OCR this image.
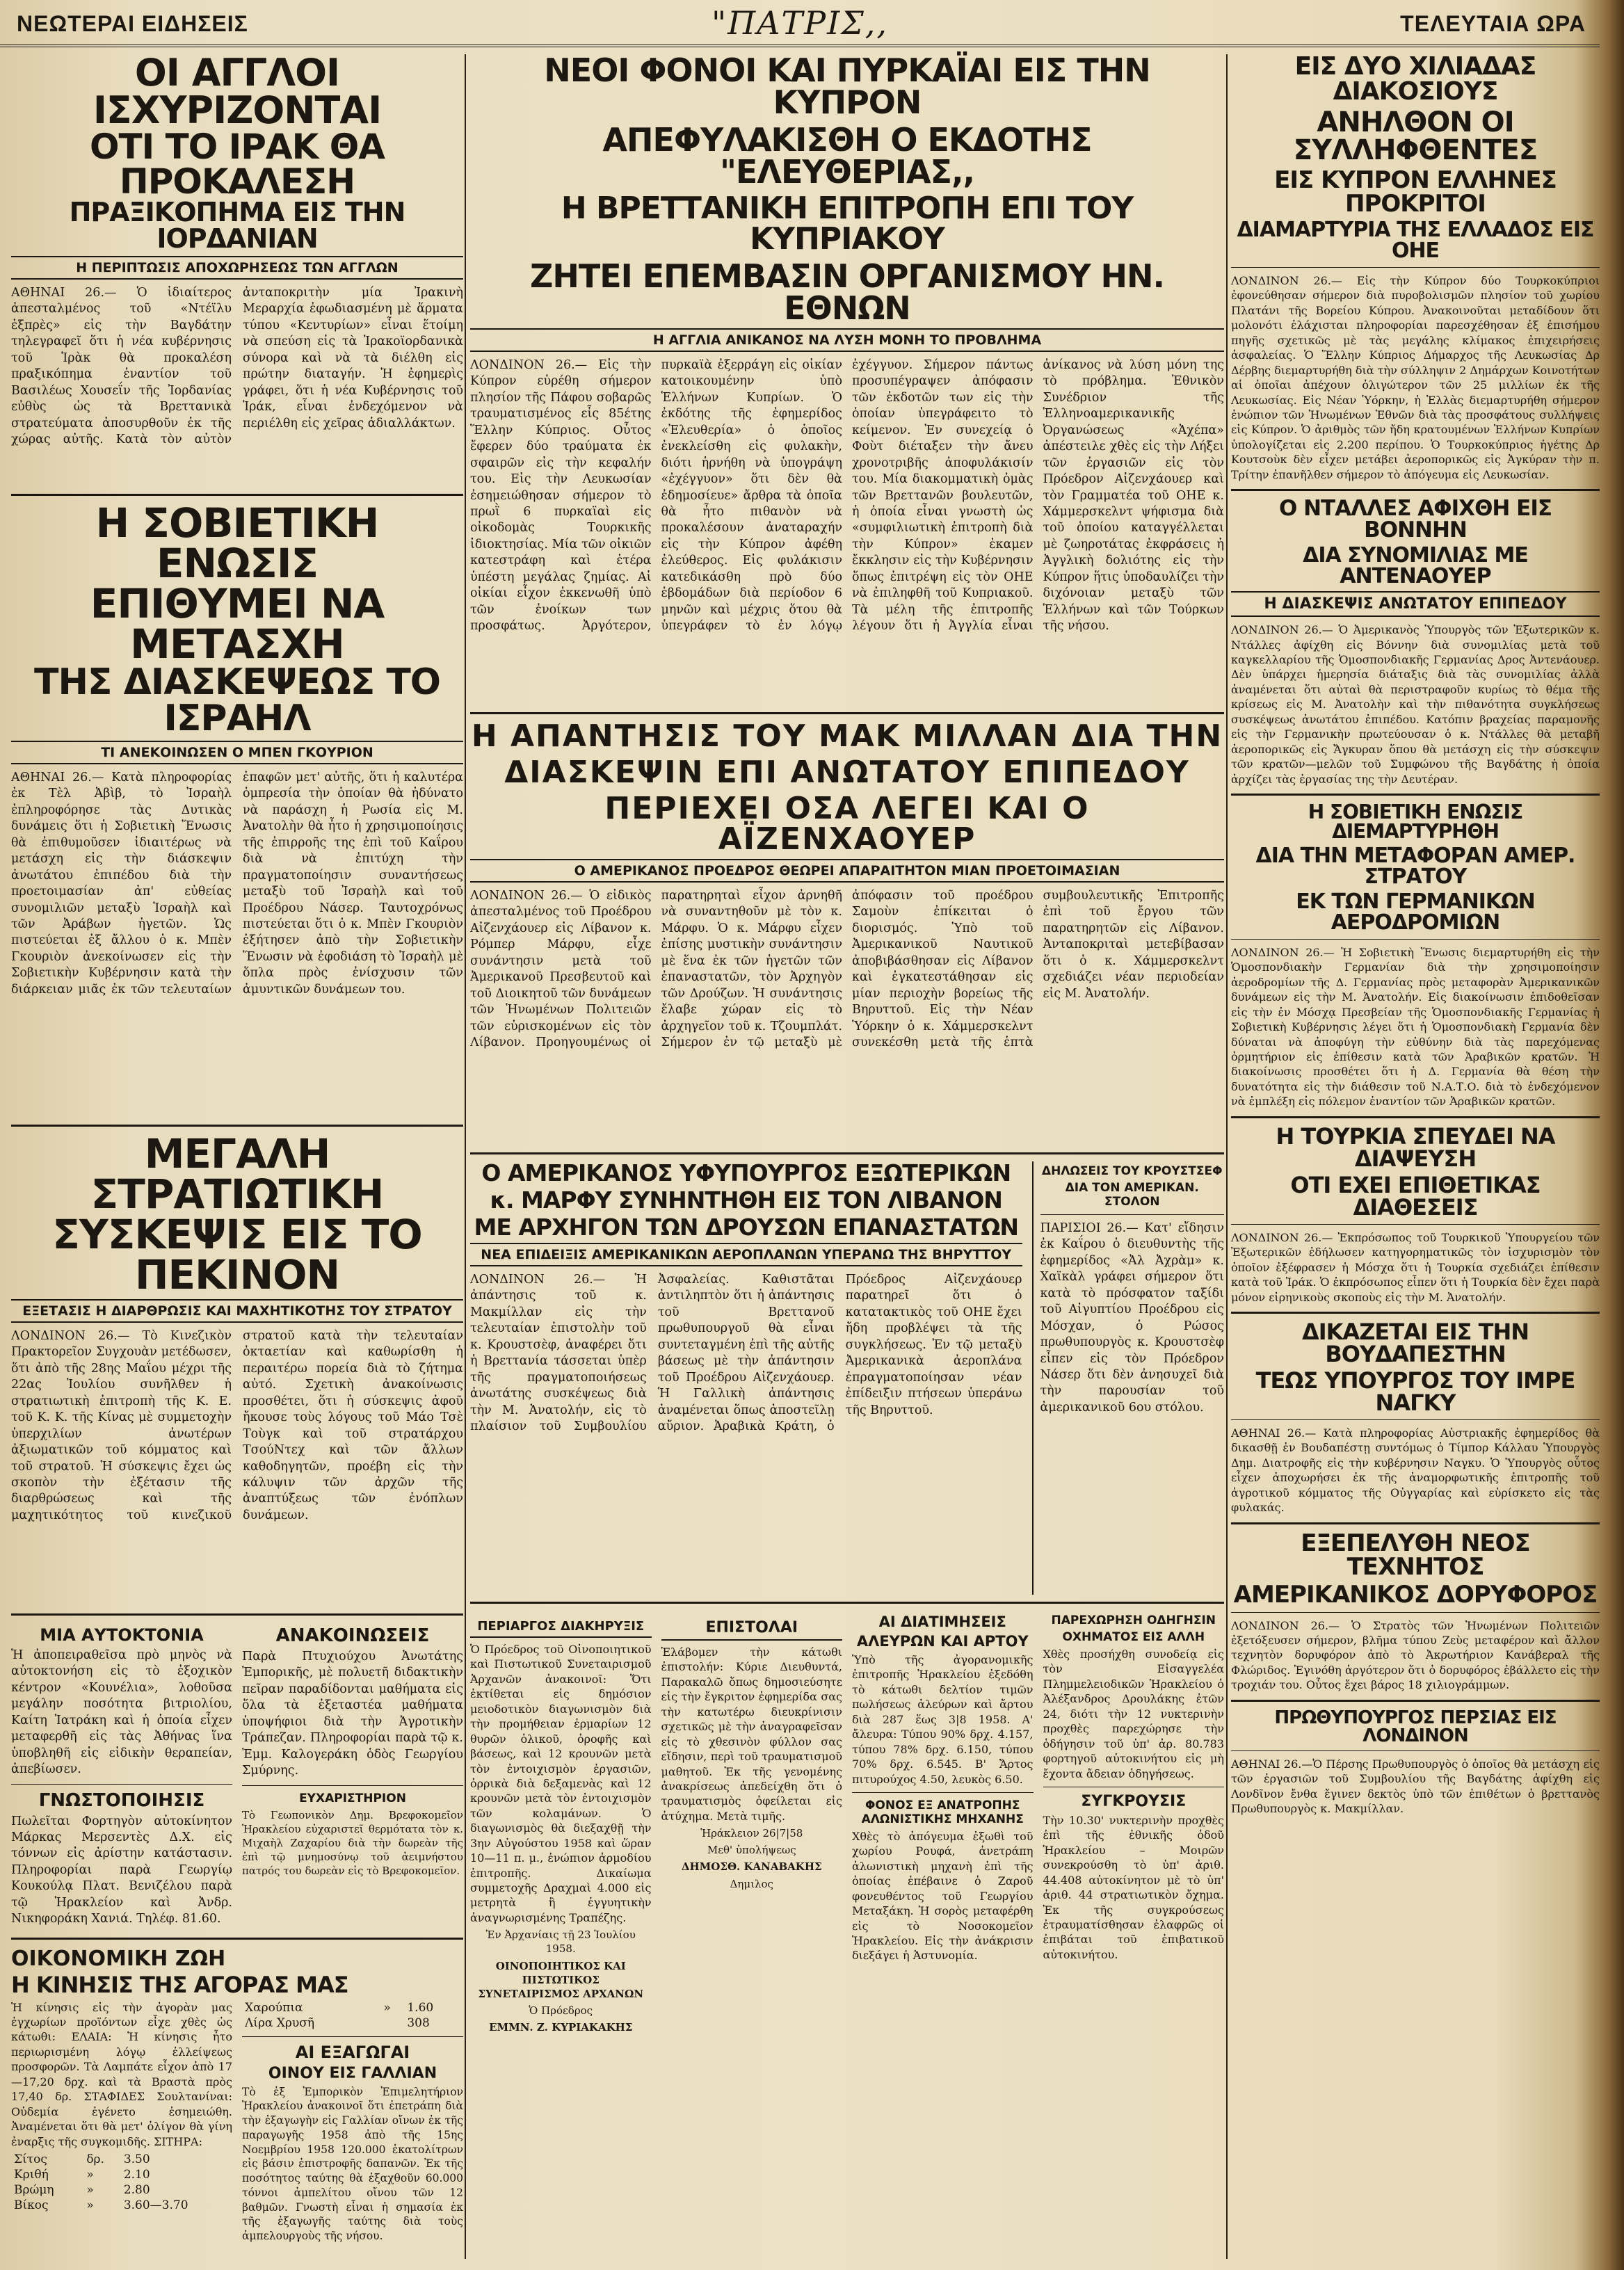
ΝΕΩΤΕΡΑΙ ΕΙΔΗΣΕΙΣ	"ΠΑΤΡΙΣ,,	ΤΕΛΕΥΤΑΙΑ ΩΡΑ
ΟΙ ΑΓΓΛΟΙ ΙΣΧΥΡΙΖΟΝΤΑΙ
ΟΤΙ ΤΟ ΙΡΑΚ ΘΑ ΠΡΟΚΑΛΕΣΗ
ΠΡΑΞΙΚΟΠΗΜΑ ΕΙΣ ΤΗΝ ΙΟΡΔΑΝΙΑΝ
Η ΠΕΡΙΠΤΩΣΙΣ ΑΠΟΧΩΡΗΣΕΩΣ ΤΩΝ ΑΓΓΛΩΝ

ΑΘΗΝΑΙ 26.— Ὁ ἰδιαίτερος ἀπεσταλμένος τοῦ «Ντέϊλυ ἐξπρὲς» εἰς τὴν Βαγδάτην τηλεγραφεῖ ὅτι ἡ νέα κυβέρνησις τοῦ Ἰρὰκ θὰ προκαλέση πραξικόπημα ἐναντίον τοῦ Βασιλέως Χουσεΐν τῆς Ἰορδανίας εὐθὺς ὡς τὰ Βρεττανικὰ στρατεύματα ἀποσυρθοῦν ἐκ τῆς χώρας αὐτῆς. Κατὰ τὸν αὐτὸν ἀνταποκριτὴν μία Ἰρακινὴ Μεραρχία ἐφωδιασμένη μὲ ἅρματα τύπου «Κεντυρίων» εἶναι ἕτοίμη νὰ σπεύση εἰς τὰ Ἰρακοϊορδανικὰ σύνορα καὶ νὰ τὰ διέλθη εἰς πρώτην διαταγήν. Ἡ ἐφημερὶς γράφει, ὅτι ἡ νέα Κυβέρνησις τοῦ Ἰράκ, εἶναι ἐνδεχόμενον νὰ περιέλθη εἰς χεῖρας ἀδιαλλάκτων.

Η ΣΟΒΙΕΤΙΚΗ ΕΝΩΣΙΣ
ΕΠΙΘΥΜΕΙ ΝΑ ΜΕΤΑΣΧΗ
ΤΗΣ ΔΙΑΣΚΕΨΕΩΣ ΤΟ ΙΣΡΑΗΛ
ΤΙ ΑΝΕΚΟΙΝΩΣΕΝ Ο ΜΠΕΝ ΓΚΟΥΡΙΟΝ

ΑΘΗΝΑΙ 26.— Κατὰ πληροφορίας ἐκ Τὲλ Ἀβὶβ, τὸ Ἰσραὴλ ἐπληροφόρησε τὰς Δυτικὰς δυνάμεις ὅτι ἡ Σοβιετικὴ Ἕνωσις θὰ ἐπιθυμοῦσεν ἰδιαιτέρως νὰ μετάσχη εἰς τὴν διάσκεψιν ἀνωτάτου ἐπιπέδου διὰ τὴν προετοιμασίαν ἀπ' εὐθείας συνομιλιῶν μεταξὺ Ἰσραὴλ καὶ τῶν Ἀράβων ἡγετῶν. Ὡς πιστεύεται ἐξ ἄλλου ὁ κ. Μπὲν Γκουριὸν ἀνεκοίνωσεν εἰς τὴν Σοβιετικὴν Κυβέρνησιν κατὰ τὴν διάρκειαν μιᾶς ἐκ τῶν τελευταίων ἐπαφῶν μετ' αὐτῆς, ὅτι ἡ καλυτέρα ὁμπρεσία τὴν ὁποίαν θὰ ἠδύνατο νὰ παράσχη ἡ Ρωσία εἰς Μ. Ἀνατολὴν θὰ ἦτο ἡ χρησιμοποίησις τῆς ἐπιρροῆς της ἐπὶ τοῦ Καΐρου διὰ νὰ ἐπιτύχη τὴν πραγματοποίησιν συναντήσεως μεταξὺ τοῦ Ἰσραὴλ καὶ τοῦ Προέδρου Νάσερ. Ταυτοχρόνως πιστεύεται ὅτι ὁ κ. Μπὲν Γκουριὸν ἐξήτησεν ἀπὸ τὴν Σοβιετικὴν Ἕνωσιν νὰ ἐφοδιάση τὸ Ἰσραὴλ μὲ ὅπλα πρὸς ἐνίσχυσιν τῶν ἀμυντικῶν δυνάμεων του.

ΜΕΓΑΛΗ ΣΤΡΑΤΙΩΤΙΚΗ
ΣΥΣΚΕΨΙΣ ΕΙΣ ΤΟ ΠΕΚΙΝΟΝ
ΕΞΕΤΑΣΙΣ Η ΔΙΑΡΘΡΩΣΙΣ ΚΑΙ ΜΑΧΗΤΙΚΟΤΗΣ ΤΟΥ ΣΤΡΑΤΟΥ

ΛΟΝΔΙΝΟΝ 26.— Τὸ Κινεζικὸν Πρακτορεῖον Συγχουὰν μετέδωσεν, ὅτι ἀπὸ τῆς 28ης Μαΐου μέχρι τῆς 22ας Ἰουλίου συνῆλθεν ἡ στρατιωτικὴ ἐπιτροπὴ τῆς Κ. Ε. τοῦ Κ. Κ. τῆς Κίνας μὲ συμμετοχὴν ὑπερχιλίων ἀνωτέρων ἀξιωματικῶν τοῦ κόμματος καὶ τοῦ στρατοῦ. Ἡ σύσκεψις ἔχει ὡς σκοπὸν τὴν ἐξέτασιν τῆς διαρθρώσεως καὶ τῆς μαχητικότητος τοῦ κινεζικοῦ στρατοῦ κατὰ τὴν τελευταίαν ὀκταετίαν καὶ καθωρίσθη ἡ περαιτέρω πορεία διὰ τὸ ζήτημα αὐτό. Σχετικὴ ἀνακοίνωσις προσθέτει, ὅτι ἡ σύσκεψις ἀφοῦ ἤκουσε τοὺς λόγους τοῦ Μάο Τσὲ Τοὺγκ καὶ τοῦ στρατάρχου ΤσούΝτεχ καὶ τῶν ἄλλων καθοδηγητῶν, προέβη εἰς τὴν κάλυψιν τῶν ἀρχῶν τῆς ἀναπτύξεως τῶν ἐνόπλων δυνάμεων.

ΜΙΑ ΑΥΤΟΚΤΟΝΙΑ

Ἡ ἀποπειραθεῖσα πρὸ μηνὸς νὰ αὐτοκτονήση εἰς τὸ ἐξοχικὸν κέντρον «Κουνέλια», λοθοῦσα μεγάλην ποσότητα βιτριολίου, Καίτη Ἰατράκη καὶ ἡ ὁποία εἶχεν μεταφερθῆ εἰς τὰς Ἀθήνας ἵνα ὑποβληθῆ εἰς εἰδικὴν θεραπείαν, ἀπεβίωσεν.

ΓΝΩΣΤΟΠΟΙΗΣΙΣ

Πωλεῖται Φορτηγὸν αὐτοκίνητον Μάρκας Μερσεντὲς Δ.Χ. εἰς τόννων εἰς ἀρίστην κατάστασιν. Πληροφορίαι παρὰ Γεωργίῳ Κουκούλᾳ Πλατ. Βενιζέλου παρὰ τῷ Ἡρακλείον καὶ Ἀνδρ. Νικηφοράκη Χανιά. Τηλέφ. 81.60.

ΑΝΑΚΟΙΝΩΣΕΙΣ

Παρὰ Πτυχιούχου Ἀνωτάτης Ἐμπορικῆς, μὲ πολυετῆ διδακτικὴν πεῖραν παραδίδονται μαθήματα εἰς ὅλα τὰ ἐξεταστέα μαθήματα ὑποψήφιοι διὰ τὴν Ἀγροτικὴν Τράπεζαν. Πληροφορίαι παρὰ τῷ κ. Ἐμμ. Καλογεράκη ὁδὸς Γεωργίου Σμύρνης.

ΕΥΧΑΡΙΣΤΗΡΙΟΝ

Τὸ Γεωπονικὸν Δημ. Βρεφοκομεῖον Ἡρακλείου εὐχαριστεῖ θερμότατα τὸν κ. Μιχαὴλ Ζαχαρίου διὰ τὴν δωρεὰν τῆς ἐπὶ τῷ μνημοσύνῳ τοῦ ἀειμνήστου πατρός του δωρεὰν εἰς τὸ Βρεφοκομεῖον.

ΟΙΚΟΝΟΜΙΚΗ ΖΩΗ
Η ΚΙΝΗΣΙΣ ΤΗΣ ΑΓΟΡΑΣ ΜΑΣ

Ἡ κίνησις εἰς τὴν ἀγορὰν μας ἐγχωρίων προϊόντων εἶχε χθὲς ὡς κάτωθι: ΕΛΑΙΑ: Ἡ κίνησις ἦτο περιωρισμένη λόγῳ ἐλλείψεως προσφορῶν. Τὰ Λαμπάτε εἶχον ἀπὸ 17—17,20 δρχ. καὶ τὰ Βραστὰ πρὸς 17,40 δρ. ΣΤΑΦΙΔΕΣ Σουλτανίναι: Οὐδεμία ἐγένετο ἐσημειώθη. Ἀναμένεται ὅτι θὰ μετ' ὀλίγον θὰ γίνη ἐναρξις τῆς συγκομιδῆς. ΣΙΤΗΡΑ:

Σίτος	δρ.	3.50
Κριθή	»	2.10
Βρώμη	»	2.80
Βίκος	»	3.60—3.70
Χαρούπια	»	1.60
Λίρα Χρυσῆ		308
ΑΙ ΕΞΑΓΩΓΑΙ
ΟΙΝΟΥ ΕΙΣ ΓΑΛΛΙΑΝ

Τὸ ἐξ Ἐμπορικὸν Ἐπιμελητήριον Ἡρακλείου ἀνακοινοῖ ὅτι ἐπετράπη διὰ τὴν ἐξαγωγὴν εἰς Γαλλίαν οἴνων ἐκ τῆς παραγωγῆς 1958 ἀπὸ τῆς 15ης Νοεμβρίου 1958 120.000 ἑκατολίτρων εἰς βάσιν ἐπιστροφῆς δαπανῶν. Ἐκ τῆς ποσότητος ταύτης θὰ ἐξαχθοῦν 60.000 τόννοι ἀμπελίτου οἴνου τῶν 12 βαθμῶν. Γνωστὴ εἶναι ἡ σημασία ἐκ τῆς ἐξαγωγῆς ταύτης διὰ τοὺς ἀμπελουργοὺς τῆς νήσου.

ΝΕΟΙ ΦΟΝΟΙ ΚΑΙ ΠΥΡΚΑΪΑΙ ΕΙΣ ΤΗΝ ΚΥΠΡΟΝ
ΑΠΕΦΥΛΑΚΙΣΘΗ Ο ΕΚΔΟΤΗΣ "ΕΛΕΥΘΕΡΙΑΣ,,
Η ΒΡΕΤΤΑΝΙΚΗ ΕΠΙΤΡΟΠΗ ΕΠΙ ΤΟΥ ΚΥΠΡΙΑΚΟΥ
ΖΗΤΕΙ ΕΠΕΜΒΑΣΙΝ ΟΡΓΑΝΙΣΜΟΥ ΗΝ. ΕΘΝΩΝ
Η ΑΓΓΛΙΑ ΑΝΙΚΑΝΟΣ ΝΑ ΛΥΣΗ ΜΟΝΗ ΤΟ ΠΡΟΒΛΗΜΑ

ΛΟΝΔΙΝΟΝ 26.— Εἰς τὴν Κύπρον εὑρέθη σήμερον πλησίον τῆς Πάφου σοβαρῶς τραυματισμένος εἷς 85έτης Ἕλλην Κύπριος. Οὗτος ἔφερεν δύο τραύματα ἐκ σφαιρῶν εἰς τὴν κεφαλήν του. Εἰς τὴν Λευκωσίαν ἐσημειώθησαν σήμερον τὸ πρωῒ 6 πυρκαϊαὶ εἰς οἰκοδομὰς Τουρκικῆς ἰδιοκτησίας. Μία τῶν οἰκιῶν κατεστράφη καὶ ἑτέρα ὑπέστη μεγάλας ζημίας. Αἱ οἰκίαι εἶχον ἐκκενωθῆ ὑπὸ τῶν ἐνοίκων των προσφάτως. Ἀργότερον, πυρκαϊὰ ἐξερράγη εἰς οἰκίαν κατοικουμένην ὑπὸ Ἑλλήνων Κυπρίων. Ὁ ἐκδότης τῆς ἐφημερίδος «Ἐλευθερία» ὁ ὁποῖος ἐνεκλείσθη εἰς φυλακὴν, διότι ἠρνήθη νὰ ὑπογράψη «ἐχέγγυον» ὅτι δὲν θὰ ἐδημοσίευε» ἄρθρα τὰ ὁποῖα θὰ ἦτο πιθανὸν νὰ προκαλέσουν ἀναταραχήν εἰς τὴν Κύπρον ἀφέθη ἐλεύθερος. Εἰς φυλάκισιν κατεδικάσθη πρὸ δύο ἑβδομάδων διὰ περίοδον 6 μηνῶν καὶ μέχρις ὅτου θὰ ὑπεγράφεν τὸ ἐν λόγῳ ἐχέγγυον. Σήμερον πάντως προσυπέγραψεν ἀπόφασιν τῶν ἐκδοτῶν των εἰς τὴν ὁποίαν ὑπεγράφειτο τὸ κείμενον. Ἐν συνεχείᾳ ὁ Φοὺτ διέταξεν τὴν ἄνευ χρονοτριβῆς ἀποφυλάκισίν του. Μία διακομματικὴ ὁμὰς τῶν Βρεττανῶν βουλευτῶν, ἡ ὁποία εἶναι γνωστὴ ὡς «συμφιλιωτικὴ ἐπιτροπὴ διὰ τὴν Κύπρον» ἐκαμεν ἔκκλησιν εἰς τὴν Κυβέρνησιν ὅπως ἐπιτρέψη εἰς τὸν ΟΗΕ νὰ ἐπιληφθῆ τοῦ Κυπριακοῦ. Τὰ μέλη τῆς ἐπιτροπῆς λέγουν ὅτι ἡ Ἀγγλία εἶναι ἀνίκανος νὰ λύση μόνη της τὸ πρόβλημα. Ἐθνικὸν Συνέδριον τῆς Ἑλληνοαμερικανικῆς Ὀργανώσεως «Ἀχέπα» ἀπέστειλε χθὲς εἰς τὴν Λήξει τῶν ἐργασιῶν εἰς τὸν Πρόεδρον Αἰζενχάουερ καὶ τὸν Γραμματέα τοῦ ΟΗΕ κ. Χάμμερσκελντ ψήφισμα διὰ τοῦ ὁποίου καταγγέλλεται μὲ ζωηροτάτας ἐκφράσεις ἡ Ἀγγλικὴ δολιότης εἰς τὴν Κύπρον ἥτις ὑποδαυλίζει τὴν διχόνοιαν μεταξὺ τῶν Ἑλλήνων καὶ τῶν Τούρκων τῆς νήσου.

Η ΑΠΑΝΤΗΣΙΣ ΤΟΥ ΜΑΚ ΜΙΛΛΑΝ ΔΙΑ ΤΗΝ
ΔΙΑΣΚΕΨΙΝ ΕΠΙ ΑΝΩΤΑΤΟΥ ΕΠΙΠΕΔΟΥ
ΠΕΡΙΕΧΕΙ ΟΣΑ ΛΕΓΕΙ ΚΑΙ Ο ΑΪΖΕΝΧΑΟΥΕΡ
Ο ΑΜΕΡΙΚΑΝΟΣ ΠΡΟΕΔΡΟΣ ΘΕΩΡΕΙ ΑΠΑΡΑΙΤΗΤΟΝ ΜΙΑΝ ΠΡΟΕΤΟΙΜΑΣΙΑΝ

ΛΟΝΔΙΝΟΝ 26.— Ὁ εἰδικὸς ἀπεσταλμένος τοῦ Προέδρου Αἰζενχάουερ εἰς Λίβανον κ. Ρόμπερ Μάρφυ, εἶχε συνάντησιν μετὰ τοῦ Ἀμερικανοῦ Πρεσβευτοῦ καὶ τοῦ Διοικητοῦ τῶν δυνάμεων τῶν Ἡνωμένων Πολιτειῶν τῶν εὑρισκομένων εἰς τὸν Λίβανον. Προηγουμένως οἱ παρατηρηταὶ εἶχον ἀρνηθῆ νὰ συναντηθοῦν μὲ τὸν κ. Μάρφυ. Ὁ κ. Μάρφυ εἶχεν ἐπίσης μυστικὴν συνάντησιν μὲ ἕνα ἐκ τῶν ἡγετῶν τῶν ἐπαναστατῶν, τὸν Ἀρχηγὸν τῶν Δρούζων. Ἡ συνάντησις ἔλαβε χώραν εἰς τὸ ἀρχηγεῖον τοῦ κ. Τζουμπλάτ. Σήμερον ἐν τῷ μεταξὺ μὲ ἀπόφασιν τοῦ προέδρου Σαμοὺν ἐπίκειται ὁ διορισμός. Ὑπὸ τοῦ Ἀμερικανικοῦ Ναυτικοῦ ἀποβιβάσθησαν εἰς Λίβανον καὶ ἐγκατεστάθησαν εἰς μίαν περιοχὴν βορείως τῆς Βηρυττοῦ. Εἰς τὴν Νέαν Ὑόρκην ὁ κ. Χάμμερσκελντ συνεκέσθη μετὰ τῆς ἑπτὰ συμβουλευτικῆς Ἐπιτροπῆς ἐπὶ τοῦ ἔργου τῶν παρατηρητῶν εἰς Λίβανον. Ἀνταποκριταὶ μετεβίβασαν ὅτι ὁ κ. Χάμμερσκελντ σχεδιάζει νέαν περιοδείαν εἰς Μ. Ἀνατολήν.

Ο ΑΜΕΡΙΚΑΝΟΣ ΥΦΥΠΟΥΡΓΟΣ ΕΞΩΤΕΡΙΚΩΝ
κ. ΜΑΡΦΥ ΣΥΝΗΝΤΗΘΗ ΕΙΣ ΤΟΝ ΛΙΒΑΝΟΝ
ΜΕ ΑΡΧΗΓΟΝ ΤΩΝ ΔΡΟΥΣΩΝ ΕΠΑΝΑΣΤΑΤΩΝ
ΝΕΑ ΕΠΙΔΕΙΞΙΣ ΑΜΕΡΙΚΑΝΙΚΩΝ ΑΕΡΟΠΛΑΝΩΝ ΥΠΕΡΑΝΩ ΤΗΣ ΒΗΡΥΤΤΟΥ

ΛΟΝΔΙΝΟΝ 26.— Ἡ ἀπάντησις τοῦ κ. Μακμίλλαν εἰς τὴν τελευταίαν ἐπιστολὴν τοῦ κ. Κρουστσὲφ, ἀναφέρει ὅτι ἡ Βρεττανία τάσσεται ὑπὲρ τῆς πραγματοποιήσεως ἀνωτάτης συσκέψεως διὰ τὴν Μ. Ἀνατολήν, εἰς τὸ πλαίσιον τοῦ Συμβουλίου Ἀσφαλείας. Καθιστᾶται ἀντιληπτὸν ὅτι ἡ ἀπάντησις τοῦ Βρεττανοῦ πρωθυπουργοῦ θὰ εἶναι συντεταγμένη ἐπὶ τῆς αὐτῆς βάσεως μὲ τὴν ἀπάντησιν τοῦ Προέδρου Αἰζενχάουερ. Ἡ Γαλλικὴ ἀπάντησις ἀναμένεται ὅπως ἀποστεῖλῃ αὔριον. Ἀραβικὰ Κράτη, ὁ Πρόεδρος Αἰζενχάουερ παρατηρεῖ ὅτι ὁ κατατακτικὸς τοῦ ΟΗΕ ἔχει ἤδη προβλέψει τὰ τῆς συγκλήσεως. Ἐν τῷ μεταξὺ Ἀμερικανικὰ ἀεροπλάνα ἐπραγματοποίησαν νέαν ἐπίδειξιν πτήσεων ὑπεράνω τῆς Βηρυττοῦ.

ΔΗΛΩΣΕΙΣ ΤΟΥ ΚΡΟΥΣΤΣΕΦ
ΔΙΑ ΤΟΝ ΑΜΕΡΙΚΑΝ. ΣΤΟΛΟΝ

ΠΑΡΙΣΙΟΙ 26.— Κατ' εἴδησιν ἐκ Καΐρου ὁ διευθυντὴς τῆς ἐφημερίδος «Ἀλ Ἀχρὰμ» κ. Χαϊκὰλ γράφει σήμερον ὅτι κατὰ τὸ πρόσφατον ταξίδι τοῦ Αἰγυπτίου Προέδρου εἰς Μόσχαν, ὁ Ρώσος πρωθυπουργὸς κ. Κρουστσὲφ εἶπεν εἰς τὸν Πρόεδρον Νάσερ ὅτι δὲν ἀνησυχεῖ διὰ τὴν παρουσίαν τοῦ ἀμερικανικοῦ 6ου στόλου.

ΠΕΡΙΑΡΓΟΣ ΔΙΑΚΗΡΥΞΙΣ

Ὁ Πρόεδρος τοῦ Οἰνοποιητικοῦ καὶ Πιστωτικοῦ Συνεταιρισμοῦ Ἀρχανῶν ἀνακοινοῖ: Ὅτι ἐκτίθεται εἰς δημόσιον μειοδοτικὸν διαγωνισμὸν διὰ τὴν προμήθειαν ἐρμαρίων 12 θυρῶν ὁλικοῦ, ὀροφῆς καὶ βάσεως, καὶ 12 κρουνῶν μετὰ τὸν ἐντοιχισμὸν ἐργασιῶν, ὀρρικὰ διὰ δεξαμενὰς καὶ 12 κρουνῶν μετὰ τὸν ἐντοιχισμὸν τῶν κολαμάνων. Ὁ διαγωνισμὸς θὰ διεξαχθῇ τὴν 3ην Αὐγούστου 1958 καὶ ὥραν 10—11 π. μ., ἐνώπιον ἁρμοδίου ἐπιτροπῆς. Δικαίωμα συμμετοχῆς Δραχμαὶ 4.000 εἰς μετρητὰ ἢ ἐγγυητικὴν ἀναγνωρισμένης Τραπέζης.

Ἐν Ἀρχανίαις τῇ 23 Ἰουλίου 1958.

ΟΙΝΟΠΟΙΗΤΙΚΟΣ ΚΑΙ ΠΙΣΤΩΤΙΚΟΣ ΣΥΝΕΤΑΙΡΙΣΜΟΣ ΑΡΧΑΝΩΝ

Ὁ Πρόεδρος

ΕΜΜΝ. Ζ. ΚΥΡΙΑΚΑΚΗΣ

ΕΠΙΣΤΟΛΑΙ

Ἐλάβομεν τὴν κάτωθι ἐπιστολήν: Κύριε Διευθυντά, Παρακαλῶ ὅπως δημοσιεύσητε εἰς τὴν ἔγκριτον ἐφημερίδα σας τὴν κατωτέρω διευκρίνισιν σχετικῶς μὲ τὴν ἀναγραφεῖσαν εἰς τὸ χθεσινὸν φύλλον σας εἴδησιν, περὶ τοῦ τραυματισμοῦ μαθητοῦ. Ἐκ τῆς γενομένης ἀνακρίσεως ἀπεδείχθη ὅτι ὁ τραυματισμὸς ὀφείλεται εἰς ἀτύχημα. Μετὰ τιμῆς.

Ἡράκλειον 26|7|58

Μεθ' ὑπολήψεως

ΔΗΜΟΣΘ. ΚΑΝΑΒΑΚΗΣ

Δημιλος

ΑΙ ΔΙΑΤΙΜΗΣΕΙΣ
ΑΛΕΥΡΩΝ ΚΑΙ ΑΡΤΟΥ

Ὑπὸ τῆς ἀγορανομικῆς ἐπιτροπῆς Ἡρακλείου ἐξεδόθη τὸ κάτωθι δελτίον τιμῶν πωλήσεως ἀλεύρων καὶ ἄρτου διὰ 287 ἕως 3|8 1958. Α' ἄλευρα: Τύπου 90% δρχ. 4.157, τύπου 78% δρχ. 6.150, τύπου 70% δρχ. 6.545. Β' Ἄρτος πιτυρούχος 4.50, λευκὸς 6.50.

ΦΟΝΟΣ ΕΞ ΑΝΑΤΡΟΠΗΣ ΑΛΩΝΙΣΤΙΚΗΣ ΜΗΧΑΝΗΣ

Χθὲς τὸ ἀπόγευμα ἐξωθὶ τοῦ χωρίου Ρουφά, ἀνετράπη ἁλωνιστικὴ μηχανὴ ἐπὶ τῆς ὁποίας ἐπέβαινε ὁ Ζαροῦ φονευθέντος τοῦ Γεωργίου Μεταξάκη. Ἡ σορὸς μεταφέρθη εἰς τὸ Νοσοκομεῖον Ἡρακλείου. Εἰς τὴν ἀνάκρισιν διεξάγει ἡ Ἀστυνομία.

ΠΑΡΕΧΩΡΗΣΗ ΟΔΗΓΗΣΙΝ
ΟΧΗΜΑΤΟΣ ΕΙΣ ΑΛΛΗ

Χθὲς προσήχθη συνοδείᾳ εἰς τὸν Εἰσαγγελέα Πλημμελειοδικῶν Ἡρακλείου ὁ Ἀλέξανδρος Δρουλάκης ἐτῶν 24, διότι τὴν 12 νυκτερινὴν προχθὲς παρεχώρησε τὴν ὁδήγησιν τοῦ ὑπ' ἀρ. 80.783 φορτηγοῦ αὐτοκινήτου εἰς μὴ ἔχοντα ἄδειαν ὁδηγήσεως.

ΣΥΓΚΡΟΥΣΙΣ

Τὴν 10.30' νυκτερινὴν προχθὲς ἐπὶ τῆς ἐθνικῆς ὁδοῦ Ἡρακλείου – Μοιρῶν συνεκρούσθη τὸ ὑπ' ἀριθ. 44.408 αὐτοκίνητον μὲ τὸ ὑπ' ἀριθ. 44 στρατιωτικὸν ὄχημα. Ἐκ τῆς συγκρούσεως ἐτραυματίσθησαν ἐλαφρῶς οἱ ἐπιβάται τοῦ ἐπιβατικοῦ αὐτοκινήτου.

ΕΙΣ ΔΥΟ ΧΙΛΙΑΔΑΣ ΔΙΑΚΟΣΙΟΥΣ
ΑΝΗΛΘΟΝ ΟΙ ΣΥΛΛΗΦΘΕΝΤΕΣ
ΕΙΣ ΚΥΠΡΟΝ ΕΛΛΗΝΕΣ ΠΡΟΚΡΙΤΟΙ
ΔΙΑΜΑΡΤΥΡΙΑ ΤΗΣ ΕΛΛΑΔΟΣ ΕΙΣ ΟΗΕ

ΛΟΝΔΙΝΟΝ 26.— Εἰς τὴν Κύπρον δύο Τουρκοκύπριοι ἐφονεύθησαν σήμερον διὰ πυροβολισμῶν πλησίον τοῦ χωρίου Πλατάνι τῆς Βορείου Κύπρου. Ἀνακοινοῦται μεταδίδουν ὅτι μολονότι ἐλάχισται πληροφορίαι παρεσχέθησαν ἐξ ἐπισήμου πηγῆς σχετικῶς μὲ τὰς μεγάλης κλίμακος ἐπιχειρήσεις ἀσφαλείας. Ὁ Ἕλλην Κύπριος Δήμαρχος τῆς Λευκωσίας Δρ Δέρβης διεμαρτυρήθη διὰ τὴν σύλληψιν 2 Δημάρχων Κοινοτήτων αἱ ὁποῖαι ἀπέχουν ὀλιγώτερον τῶν 25 μιλλίων ἐκ τῆς Λευκωσίας. Εἰς Νέαν Ὑόρκην, ἡ Ἑλλὰς διεμαρτυρήθη σήμερον ἐνώπιον τῶν Ἡνωμένων Ἐθνῶν διὰ τὰς προσφάτους συλλήψεις εἰς Κύπρον. Ὁ ἀριθμὸς τῶν ἤδη κρατουμένων Ἑλλήνων Κυπρίων ὑπολογίζεται εἰς 2.200 περίπου. Ὁ Τουρκοκύπριος ἡγέτης Δρ Κουτσοὺκ δὲν εἶχεν μετάβει ἀεροπορικῶς εἰς Ἀγκύραν τὴν π. Τρίτην ἐπανῆλθεν σήμερον τὸ ἀπόγευμα εἰς Λευκωσίαν.

Ο ΝΤΑΛΛΕΣ ΑΦΙΧΘΗ ΕΙΣ ΒΟΝΝΗΝ
ΔΙΑ ΣΥΝΟΜΙΛΙΑΣ ΜΕ ΑΝΤΕΝΑΟΥΕΡ
Η ΔΙΑΣΚΕΨΙΣ ΑΝΩΤΑΤΟΥ ΕΠΙΠΕΔΟΥ

ΛΟΝΔΙΝΟΝ 26.— Ὁ Ἀμερικανὸς Ὑπουργὸς τῶν Ἐξωτερικῶν κ. Ντάλλες ἀφίχθη εἰς Βόννην διὰ συνομιλίας μετὰ τοῦ καγκελλαρίου τῆς Ὁμοσπονδιακῆς Γερμανίας Δρος Ἀντενάουερ. Δὲν ὑπάρχει ἡμερησία διάταξις διὰ τὰς συνομιλίας ἀλλὰ ἀναμένεται ὅτι αὐταὶ θὰ περιστραφοῦν κυρίως τὸ θέμα τῆς κρίσεως εἰς Μ. Ἀνατολὴν καὶ τὴν πιθανότητα συγκλήσεως συσκέψεως ἀνωτάτου ἐπιπέδου. Κατόπιν βραχείας παραμονῆς εἰς τὴν Γερμανικὴν πρωτεύουσαν ὁ κ. Ντάλλες θὰ μεταβῆ ἀεροπορικῶς εἰς Ἄγκυραν ὅπου θὰ μετάσχη εἰς τὴν σύσκεψιν τῶν κρατῶν—μελῶν τοῦ Συμφώνου τῆς Βαγδάτης ἡ ὁποία ἀρχίζει τὰς ἐργασίας της τὴν Δευτέραν.

Η ΣΟΒΙΕΤΙΚΗ ΕΝΩΣΙΣ ΔΙΕΜΑΡΤΥΡΗΘΗ
ΔΙΑ ΤΗΝ ΜΕΤΑΦΟΡΑΝ ΑΜΕΡ. ΣΤΡΑΤΟΥ
ΕΚ ΤΩΝ ΓΕΡΜΑΝΙΚΩΝ ΑΕΡΟΔΡΟΜΙΩΝ

ΛΟΝΔΙΝΟΝ 26.— Ἡ Σοβιετικὴ Ἕνωσις διεμαρτυρήθη εἰς τὴν Ὁμοσπονδιακὴν Γερμανίαν διὰ τὴν χρησιμοποίησιν ἀεροδρομίων τῆς Δ. Γερμανίας πρὸς μεταφορὰν Ἀμερικανικῶν δυνάμεων εἰς τὴν Μ. Ἀνατολήν. Εἰς διακοίνωσιν ἐπιδοθεῖσαν εἰς τὴν ἐν Μόσχᾳ Πρεσβείαν τῆς Ὁμοσπονδιακῆς Γερμανίας ἡ Σοβιετικὴ Κυβέρνησις λέγει ὅτι ἡ Ὁμοσπονδιακὴ Γερμανία δὲν δύναται νὰ ἀποφύγη τὴν εὐθύνην διὰ τὰς παρεχόμενας ὁρμητήριον εἰς ἐπίθεσιν κατὰ τῶν Ἀραβικῶν κρατῶν. Ἡ διακοίνωσις προσθέτει ὅτι ἡ Δ. Γερμανία θὰ θέση τὴν δυνατότητα εἰς τὴν διάθεσιν τοῦ Ν.Α.Τ.Ο. διὰ τὸ ἐνδεχόμενον νὰ ἐμπλέξη εἰς πόλεμον ἐναντίον τῶν Ἀραβικῶν κρατῶν.

Η ΤΟΥΡΚΙΑ ΣΠΕΥΔΕΙ ΝΑ ΔΙΑΨΕΥΣΗ
ΟΤΙ ΕΧΕΙ ΕΠΙΘΕΤΙΚΑΣ ΔΙΑΘΕΣΕΙΣ

ΛΟΝΔΙΝΟΝ 26.— Ἐκπρόσωπος τοῦ Τουρκικοῦ Ὑπουργείου τῶν Ἐξωτερικῶν ἐδήλωσεν κατηγορηματικῶς τὸν ἰσχυρισμὸν τὸν ὁποῖον ἐξέφρασεν ἡ Μόσχα ὅτι ἡ Τουρκία σχεδιάζει ἐπίθεσιν κατὰ τοῦ Ἰράκ. Ὁ ἐκπρόσωπος εἶπεν ὅτι ἡ Τουρκία δὲν ἔχει παρὰ μόνον εἰρηνικοὺς σκοποὺς εἰς τὴν Μ. Ἀνατολήν.

ΔΙΚΑΖΕΤΑΙ ΕΙΣ ΤΗΝ ΒΟΥΔΑΠΕΣΤΗΝ
ΤΕΩΣ ΥΠΟΥΡΓΟΣ ΤΟΥ ΙΜΡΕ ΝΑΓΚΥ

ΑΘΗΝΑΙ 26.— Κατὰ πληροφορίας Αὐστριακῆς ἐφημερίδος θὰ δικασθῇ ἐν Βουδαπέστῃ συντόμως ὁ Τίμπορ Κάλλαυ Ὑπουργὸς Δημ. Διατροφῆς εἰς τὴν κυβέρνησιν Ναγκυ. Ὁ Ὑπουργὸς οὗτος εἶχεν ἀποχωρήσει ἐκ τῆς ἀναμορφωτικῆς ἐπιτροπῆς τοῦ ἀγροτικοῦ κόμματος τῆς Οὐγγαρίας καὶ εὑρίσκετο εἰς τὰς φυλακάς.

ΕΞΕΠΕΛΥΘΗ ΝΕΟΣ ΤΕΧΝΗΤΟΣ
ΑΜΕΡΙΚΑΝΙΚΟΣ ΔΟΡΥΦΟΡΟΣ

ΛΟΝΔΙΝΟΝ 26.— Ὁ Στρατὸς τῶν Ἡνωμένων Πολιτειῶν ἐξετόξευσεν σήμερον, βλῆμα τύπου Ζεὺς μεταφέρον καὶ ἄλλον τεχνητὸν δορυφόρον ἀπὸ τὸ Ἀκρωτήριον Κανάβεραλ τῆς Φλώριδος. Ἐγινόθη ἀργότερον ὅτι ὁ δορυφόρος ἐβάλλετο εἰς τὴν τροχιάν του. Οὗτος ἔχει βάρος 18 χιλιογράμμων.

ΠΡΩΘΥΠΟΥΡΓΟΣ ΠΕΡΣΙΑΣ ΕΙΣ ΛΟΝΔΙΝΟΝ

ΑΘΗΝΑΙ 26.—Ὁ Πέρσης Πρωθυπουργὸς ὁ ὁποῖος θὰ μετάσχη εἰς τῶν ἐργασιῶν τοῦ Συμβουλίου τῆς Βαγδάτης ἀφίχθη εἰς Λονδῖνον ἔνθα ἔγινεν δεκτὸς ὑπὸ τῶν ἐπιθέτων ὁ βρεττανὸς Πρωθυπουργὸς κ. Μακμίλλαν.
